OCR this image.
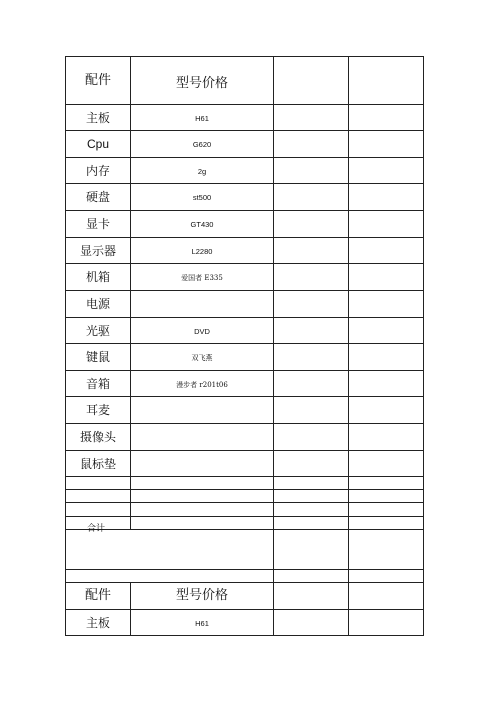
配件	型号价格		

主板	H61		

Cpu	G620		

内存	2g		

硬盘	st500		

显卡	GT430		

显示器	L2280		

机箱	爱国者 E335		

电源			

光驱	DVD		

键鼠	双飞燕		

音箱	漫步者 r201t06		

耳麦			

摄像头			

鼠标垫			

合计			

配件	型号价格		

主板	H61		
